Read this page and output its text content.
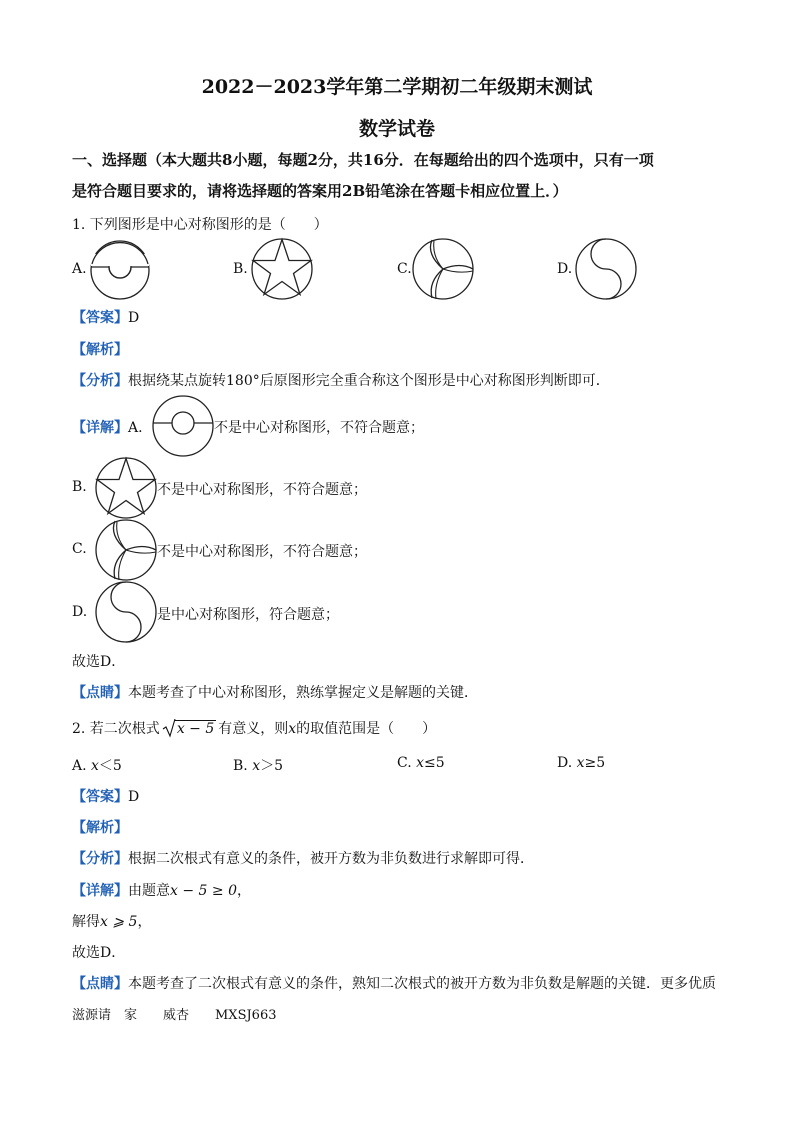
2022－2023学年第二学期初二年级期末测试
数学试卷
一、选择题（本大题共8小题，每题2分，共16分．在每题给出的四个选项中，只有一项
是符合题目要求的，请将选择题的答案用2B铅笔涂在答题卡相应位置上．）
1. 下列图形是中心对称图形的是（　　）
A.	B.	C.	D.
【答案】D
【解析】
【分析】根据绕某点旋转180°后原图形完全重合称这个图形是中心对称图形判断即可．
【详解】A.	不是中心对称图形，不符合题意；
B.	不是中心对称图形，不符合题意；
C.	不是中心对称图形，不符合题意；
D.	是中心对称图形，符合题意；
故选D．
【点睛】本题考查了中心对称图形，熟练掌握定义是解题的关键．
2. 若二次根式 x − 5 有意义，则x的取值范围是（　　）
A. x＜5	B. x＞5	C. x≤5	D. x≥5
【答案】D
【解析】
【分析】根据二次根式有意义的条件，被开方数为非负数进行求解即可得．
【详解】由题意x − 5 ≥ 0，
解得x ⩾ 5，
故选D．
【点睛】本题考查了二次根式有意义的条件，熟知二次根式的被开方数为非负数是解题的关键．更多优质
滋源请　家　　威杏　　MXSJ663
